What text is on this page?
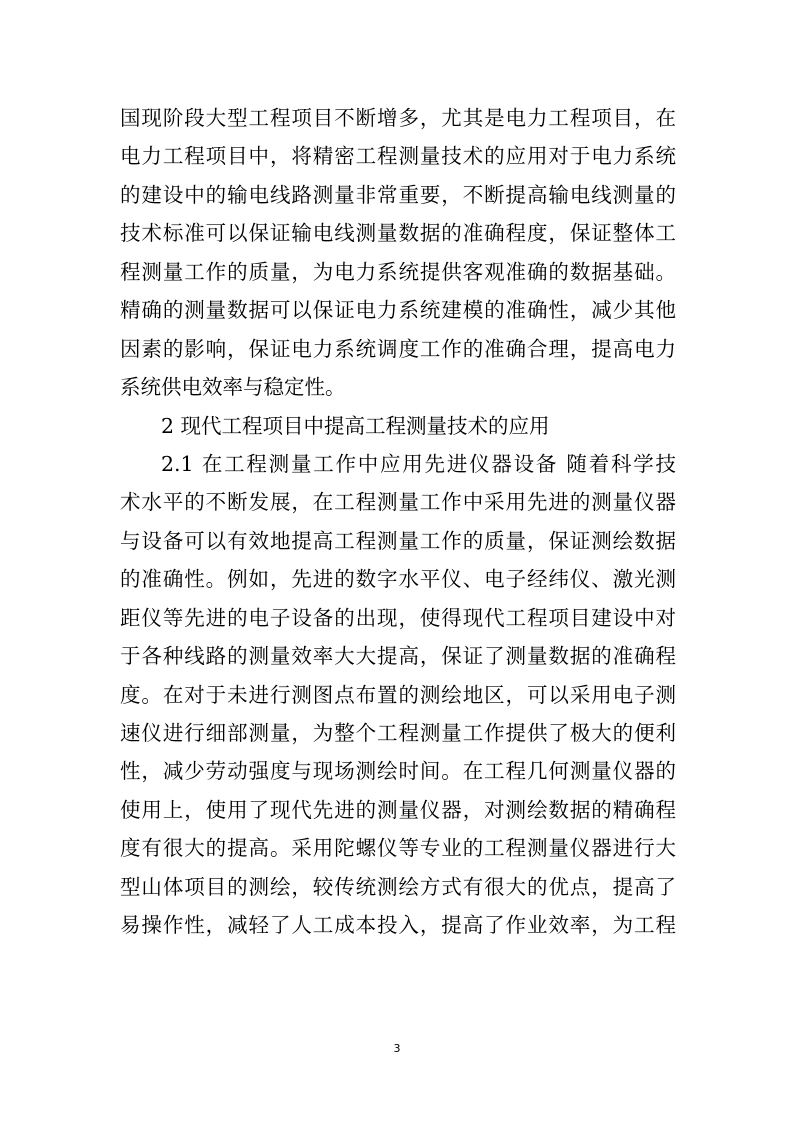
国现阶段大型工程项目不断增多，尤其是电力工程项目，在
电力工程项目中，将精密工程测量技术的应用对于电力系统
的建设中的输电线路测量非常重要，不断提高输电线测量的
技术标准可以保证输电线测量数据的准确程度，保证整体工
程测量工作的质量，为电力系统提供客观准确的数据基础。
精确的测量数据可以保证电力系统建模的准确性，减少其他
因素的影响，保证电力系统调度工作的准确合理，提高电力
系统供电效率与稳定性。
2 现代工程项目中提高工程测量技术的应用
2.1 在工程测量工作中应用先进仪器设备 随着科学技
术水平的不断发展，在工程测量工作中采用先进的测量仪器
与设备可以有效地提高工程测量工作的质量，保证测绘数据
的准确性。例如，先进的数字水平仪、电子经纬仪、激光测
距仪等先进的电子设备的出现，使得现代工程项目建设中对
于各种线路的测量效率大大提高，保证了测量数据的准确程
度。在对于未进行测图点布置的测绘地区，可以采用电子测
速仪进行细部测量，为整个工程测量工作提供了极大的便利
性，减少劳动强度与现场测绘时间。在工程几何测量仪器的
使用上，使用了现代先进的测量仪器，对测绘数据的精确程
度有很大的提高。采用陀螺仪等专业的工程测量仪器进行大
型山体项目的测绘，较传统测绘方式有很大的优点，提高了
易操作性，减轻了人工成本投入，提高了作业效率，为工程
3
